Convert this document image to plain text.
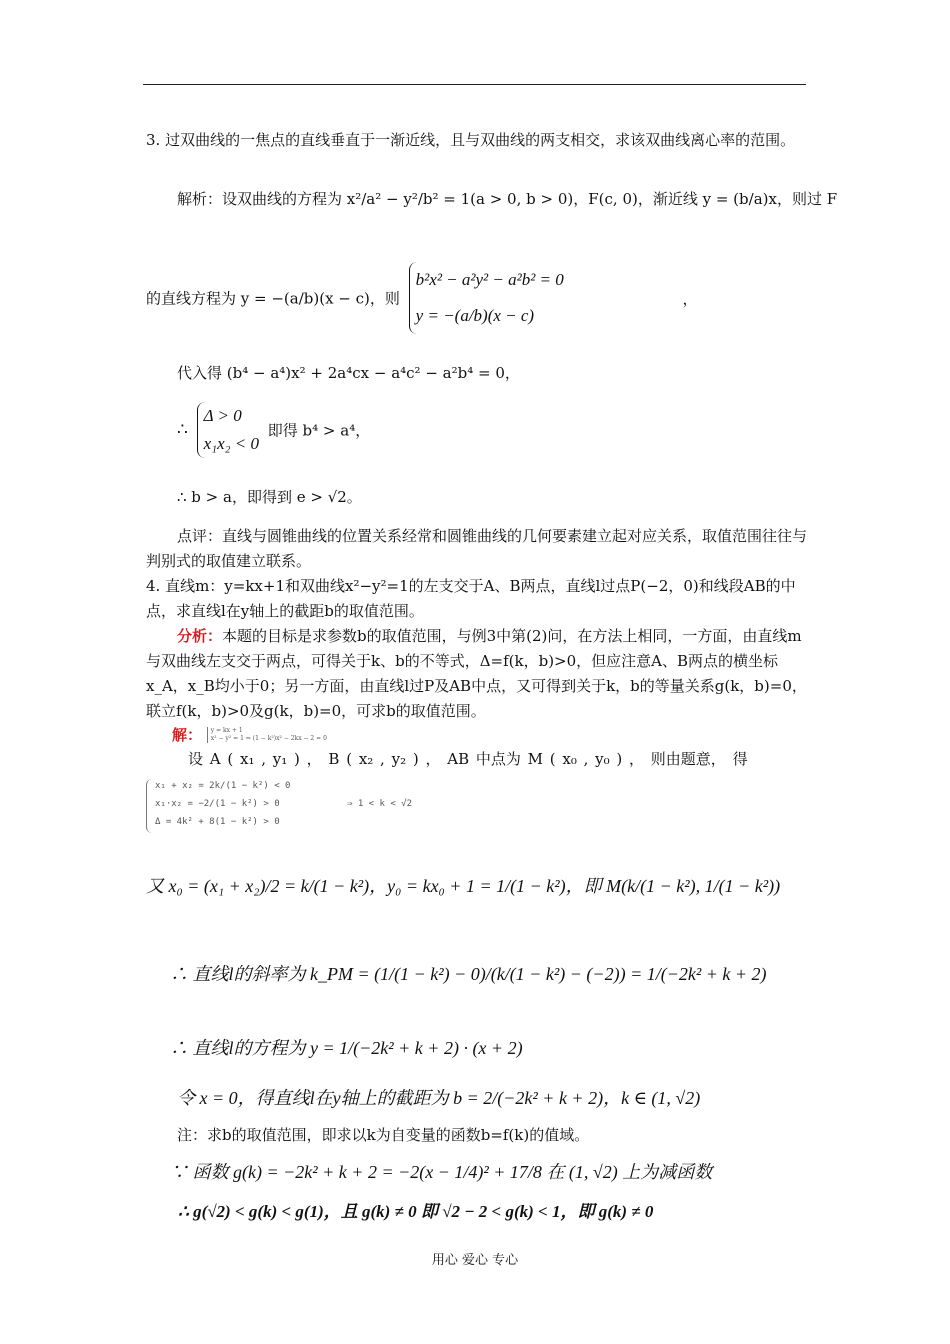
3. 过双曲线的一焦点的直线垂直于一渐近线，且与双曲线的两支相交，求该双曲线离心率的范围。
解析：设双曲线的方程为 x²/a² − y²/b² = 1(a > 0, b > 0)，F(c, 0)，渐近线 y = (b/a)x，则过 F
的直线方程为 y = −(a/b)(x − c)，则
b²x² − a²y² − a²b² = 0
y = −(a/b)(x − c)
，
代入得 (b⁴ − a⁴)x² + 2a⁴cx − a⁴c² − a²b⁴ = 0，
∴
Δ > 0
x₁x₂ < 0
即得 b⁴ > a⁴，
∴ b > a，即得到 e > √2。
点评：直线与圆锥曲线的位置关系经常和圆锥曲线的几何要素建立起对应关系，取值范围往往与判别式的取值建立联系。
4. 直线m：y=kx+1和双曲线x²−y²=1的左支交于A、B两点，直线l过点P(−2，0)和线段AB的中点，求直线l在y轴上的截距b的取值范围。
分析：本题的目标是求参数b的取值范围，与例3中第(2)问，在方法上相同，一方面，由直线m与双曲线左支交于两点，可得关于k、b的不等式，Δ=f(k，b)>0，但应注意A、B两点的横坐标x_A，x_B均小于0；另一方面，由直线l过P及AB中点，又可得到关于k，b的等量关系g(k，b)=0，联立f(k，b)>0及g(k，b)=0，可求b的取值范围。
解： y = kx + 1
x² − y² = 1 ⇒ (1 − k²)x² − 2kx − 2 = 0
设 A ( x₁ , y₁ ) ， B ( x₂ , y₂ ) ， AB 中点为 M ( x₀ , y₀ ) ， 则由题意， 得
x₁ + x₂ = 2k/(1 − k²) < 0
x₁·x₂ = −2/(1 − k²) > 0
Δ = 4k² + 8(1 − k²) > 0
⇒ 1 < k < √2
又 x₀ = (x₁ + x₂)/2 = k/(1 − k²)，y₀ = kx₀ + 1 = 1/(1 − k²)，即 M(k/(1 − k²), 1/(1 − k²))
∴ 直线l的斜率为 k_PM = (1/(1 − k²) − 0)/(k/(1 − k²) − (−2)) = 1/(−2k² + k + 2)
∴ 直线l的方程为 y = 1/(−2k² + k + 2) · (x + 2)
令 x = 0，得直线l在y轴上的截距为 b = 2/(−2k² + k + 2)，k ∈ (1, √2)
注：求b的取值范围，即求以k为自变量的函数b=f(k)的值域。
∵ 函数 g(k) = −2k² + k + 2 = −2(x − 1/4)² + 17/8 在 (1, √2) 上为减函数
∴ g(√2) < g(k) < g(1)，且 g(k) ≠ 0 即 √2 − 2 < g(k) < 1，即 g(k) ≠ 0
用心 爱心 专心
